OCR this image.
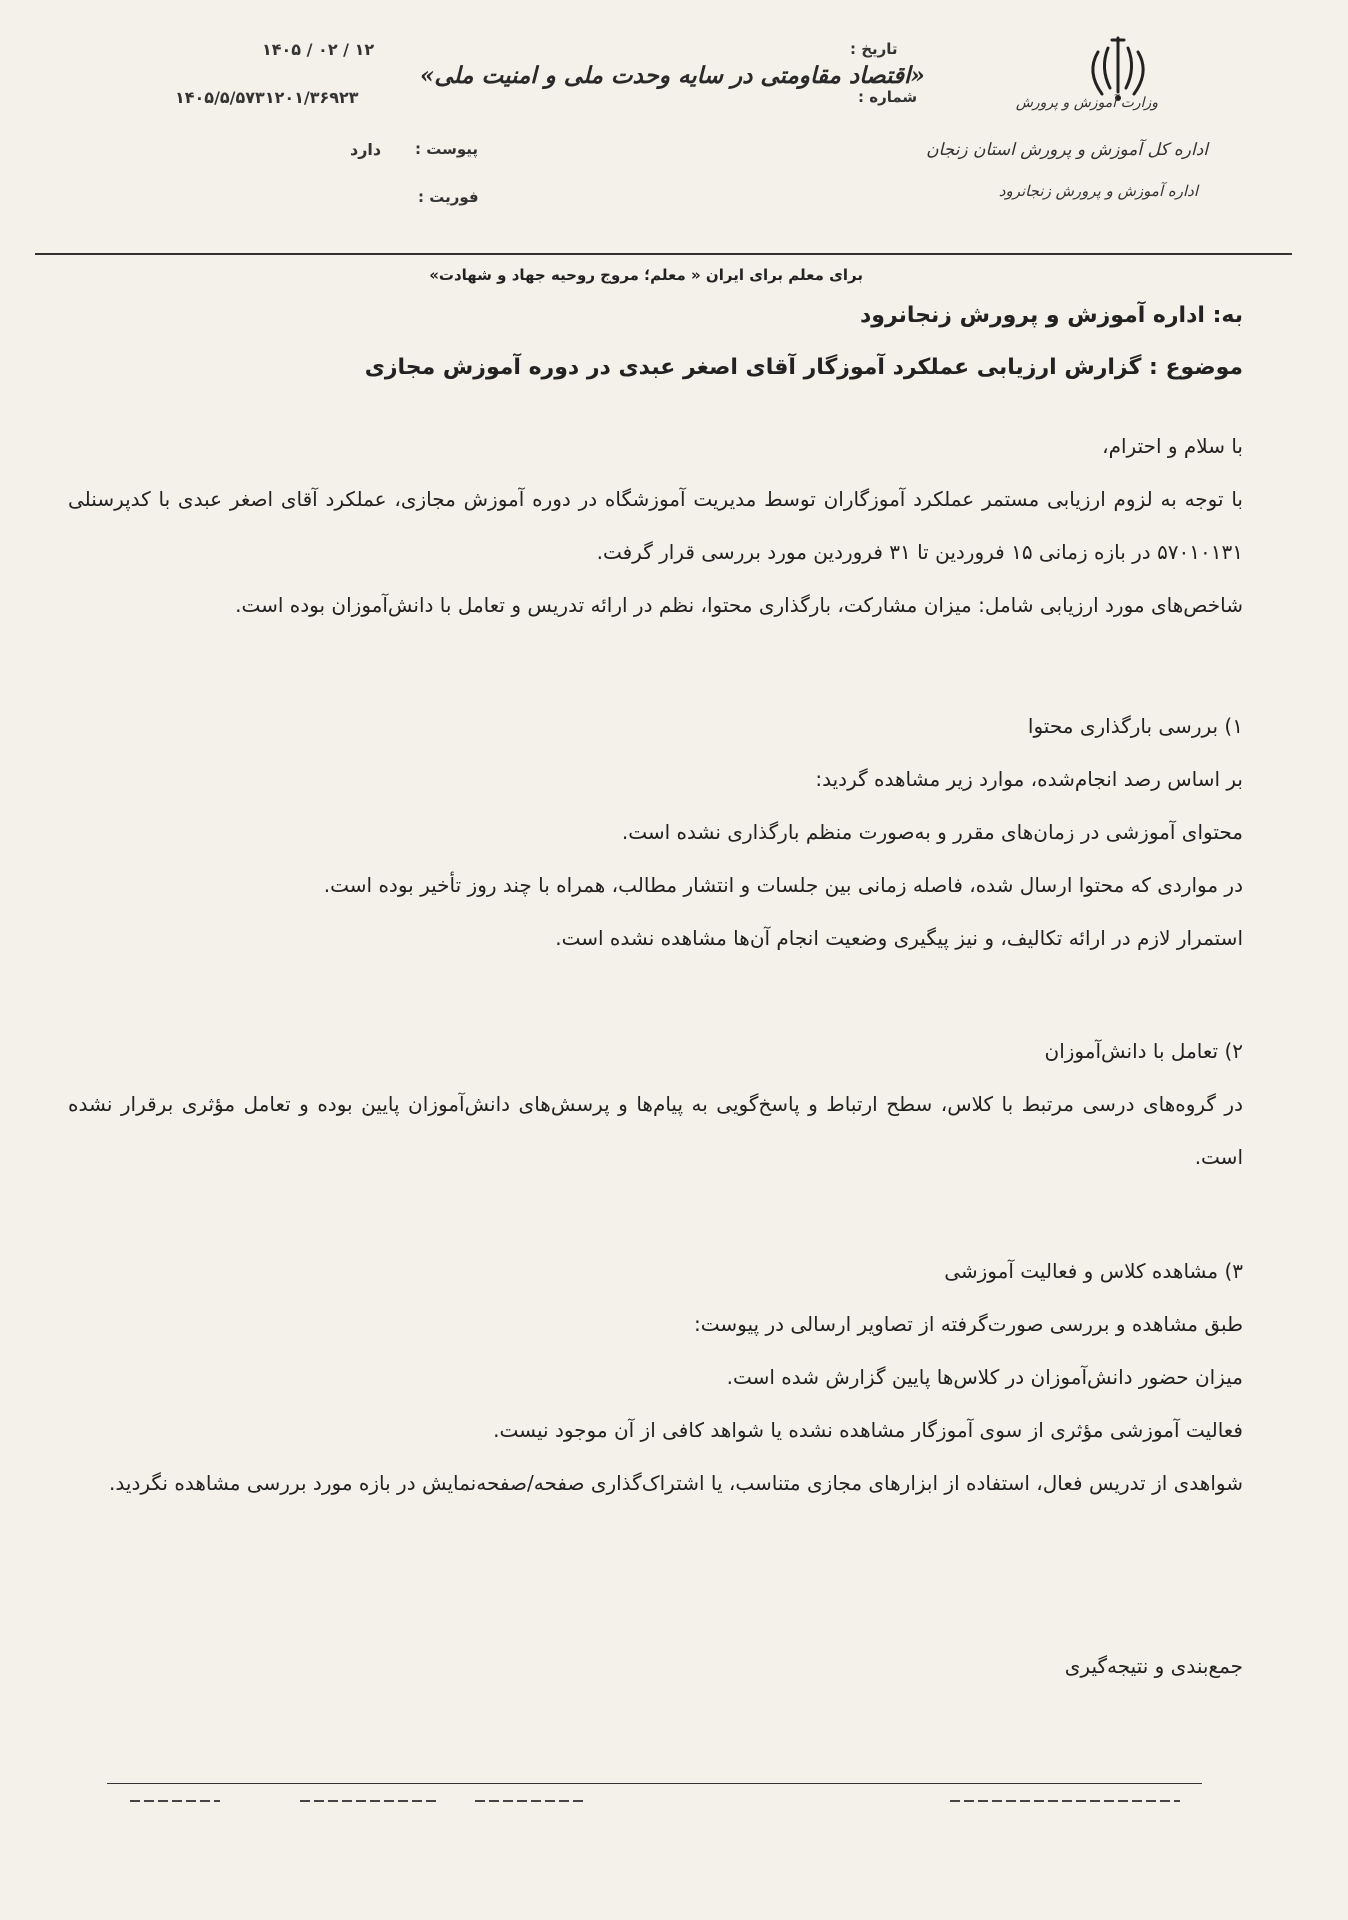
وزارت آموزش و پرورش
اداره کل آموزش و پرورش استان زنجان
اداره آموزش و پرورش زنجانرود
«اقتصاد مقاومتی در سایه وحدت ملی و امنیت ملی»
تاریخ :
۱۴۰۵ / ۰۲ / ۱۲
شماره :
۱۴۰۵/۵/۵۷۳۱۲۰۱/۳۶۹۲۳
پیوست :
دارد
فوریت :
برای معلم برای ایران « معلم؛ مروج روحیه جهاد و شهادت»
به: اداره آموزش و پرورش زنجانرود
موضوع : گزارش ارزیابی عملکرد آموزگار آقای اصغر عبدی در دوره آموزش مجازی

با سلام و احترام،

با توجه به لزوم ارزیابی مستمر عملکرد آموزگاران توسط مدیریت آموزشگاه در دوره آموزش مجازی، عملکرد آقای اصغر عبدی با کدپرسنلی ۵۷۰۱۰۱۳۱ در بازه زمانی ۱۵ فروردین تا ۳۱ فروردین مورد بررسی قرار گرفت.

شاخص‌های مورد ارزیابی شامل: میزان مشارکت، بارگذاری محتوا، نظم در ارائه تدریس و تعامل با دانش‌آموزان بوده است.

۱) بررسی بارگذاری محتوا

بر اساس رصد انجام‌شده، موارد زیر مشاهده گردید:

محتوای آموزشی در زمان‌های مقرر و به‌صورت منظم بارگذاری نشده است.

در مواردی که محتوا ارسال شده، فاصله زمانی بین جلسات و انتشار مطالب، همراه با چند روز تأخیر بوده است.

استمرار لازم در ارائه تکالیف، و نیز پیگیری وضعیت انجام آن‌ها مشاهده نشده است.

۲) تعامل با دانش‌آموزان

در گروه‌های درسی مرتبط با کلاس، سطح ارتباط و پاسخ‌گویی به پیام‌ها و پرسش‌های دانش‌آموزان پایین بوده و تعامل مؤثری برقرار نشده است.

۳) مشاهده کلاس و فعالیت آموزشی

طبق مشاهده و بررسی صورت‌گرفته از تصاویر ارسالی در پیوست:

میزان حضور دانش‌آموزان در کلاس‌ها پایین گزارش شده است.

فعالیت آموزشی مؤثری از سوی آموزگار مشاهده نشده یا شواهد کافی از آن موجود نیست.

شواهدی از تدریس فعال، استفاده از ابزارهای مجازی متناسب، یا اشتراک‌گذاری صفحه/صفحه‌نمایش در بازه مورد بررسی مشاهده نگردید.

جمع‌بندی و نتیجه‌گیری
